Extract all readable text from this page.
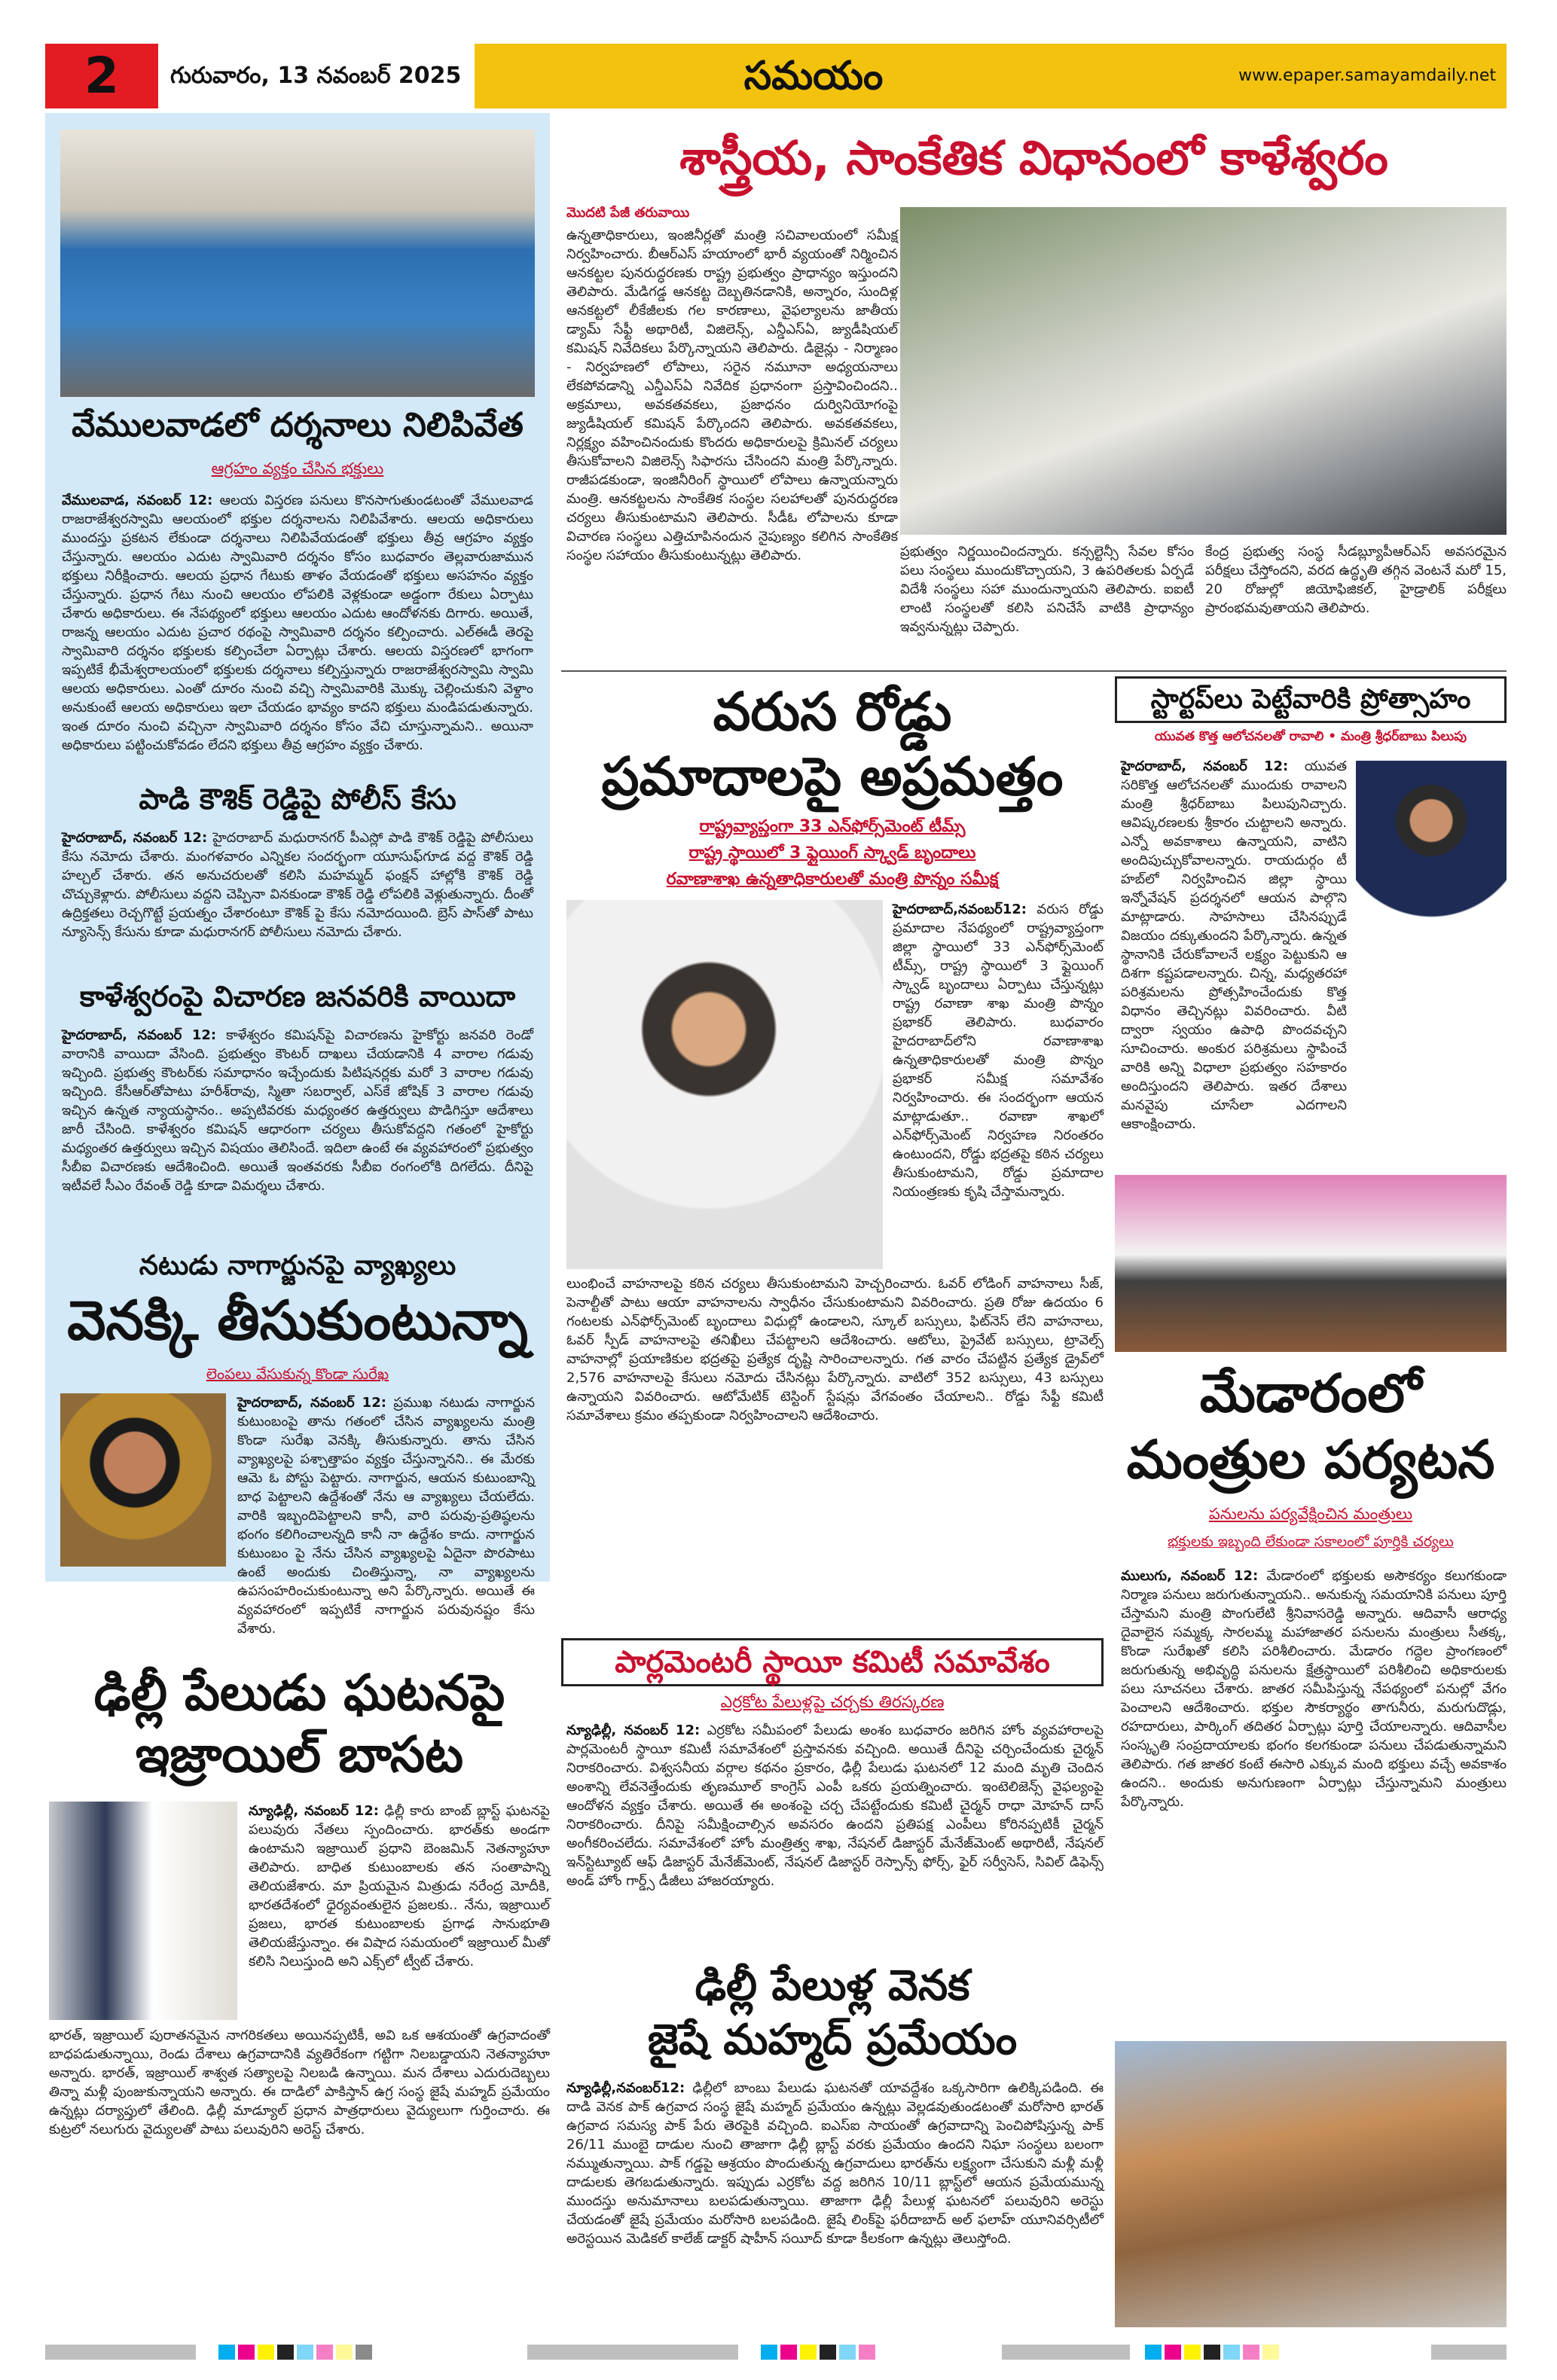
2	గురువారం, 13 నవంబర్ 2025	సమయం	www.epaper.samayamdaily.net
వేములవాడలో దర్శనాలు నిలిపివేత
ఆగ్రహం వ్యక్తం చేసిన భక్తులు
వేములవాడ, నవంబర్ 12: ఆలయ విస్తరణ పనులు కొనసాగుతుండటంతో వేములవాడ రాజరాజేశ్వరస్వామి ఆలయంలో భక్తుల దర్శనాలను నిలిపివేశారు. ఆలయ అధికారులు ముందస్తు ప్రకటన లేకుండా దర్శనాలు నిలిపివేయడంతో భక్తులు తీవ్ర ఆగ్రహం వ్యక్తం చేస్తున్నారు. ఆలయం ఎదుట స్వామివారి దర్శనం కోసం బుధవారం తెల్లవారుజామున భక్తులు నిరీక్షించారు. ఆలయ ప్రధాన గేటుకు తాళం వేయడంతో భక్తులు అసహనం వ్యక్తం చేస్తున్నారు. ప్రధాన గేటు నుంచి ఆలయం లోపలికి వెళ్లకుండా అడ్డంగా రేకులు ఏర్పాటు చేశారు అధికారులు. ఈ నేపథ్యంలో భక్తులు ఆలయం ఎదుట ఆందోళనకు దిగారు. అయితే, రాజన్న ఆలయం ఎదుట ప్రచార రథంపై స్వామివారి దర్శనం కల్పించారు. ఎల్ఈడీ తెరపై స్వామివారి దర్శనం భక్తులకు కల్పించేలా ఏర్పాట్లు చేశారు. ఆలయ విస్తరణలో భాగంగా ఇప్పటికే భీమేశ్వరాలయంలో భక్తులకు దర్శనాలు కల్పిస్తున్నారు రాజరాజేశ్వరస్వామి స్వామి ఆలయ అధికారులు. ఎంతో దూరం నుంచి వచ్చి స్వామివారికి మొక్కు చెల్లించుకుని వెళ్దాం అనుకుంటే ఆలయ అధికారులు ఇలా చేయడం భావ్యం కాదని భక్తులు మండిపడుతున్నారు. ఇంత దూరం నుంచి వచ్చినా స్వామివారి దర్శనం కోసం వేచి చూస్తున్నామని.. అయినా అధికారులు పట్టించుకోవడం లేదని భక్తులు తీవ్ర ఆగ్రహం వ్యక్తం చేశారు.
పాడి కౌశిక్ రెడ్డిపై పోలీస్ కేసు
హైదరాబాద్, నవంబర్ 12: హైదరాబాద్ మధురానగర్ పీఎస్లో పాడి కౌశిక్ రెడ్డిపై పోలీసులు కేసు నమోదు చేశారు. మంగళవారం ఎన్నికల సందర్భంగా యూసుఫ్‌గూడ వద్ద కౌశిక్ రెడ్డి హల్చల్ చేశారు. తన అనుచరులతో కలిసి మహమ్మద్ ఫంక్షన్ హాల్లోకి కౌశిక్ రెడ్డి చొచ్చుకెళ్లారు. పోలీసులు వద్దని చెప్పినా వినకుండా కౌశిక్ రెడ్డి లోపలికి వెళ్లుతున్నారు. దీంతో ఉద్రిక్తతలు రెచ్చగొట్టే ప్రయత్నం చేశారంటూ కౌశిక్ పై కేసు నమోదయింది. బ్రెస్ పాస్‌తో పాటు న్యూసెన్స్ కేసును కూడా మధురానగర్ పోలీసులు నమోదు చేశారు.
కాళేశ్వరంపై విచారణ జనవరికి వాయిదా
హైదరాబాద్, నవంబర్ 12: కాళేశ్వరం కమిషన్‌పై విచారణను హైకోర్టు జనవరి రెండో వారానికి వాయిదా వేసింది. ప్రభుత్వం కౌంటర్ దాఖలు చేయడానికి 4 వారాల గడువు ఇచ్చింది. ప్రభుత్వ కౌంటర్‌కు సమాధానం ఇచ్చేందుకు పిటిషనర్లకు మరో 3 వారాల గడువు ఇచ్చింది. కేసీఆర్‌తోపాటు హరీశ్‌రావు, స్మితా సబర్వాల్, ఎస్‌కే జోషిక్ 3 వారాల గడువు ఇచ్చిన ఉన్నత న్యాయస్థానం.. అప్పటివరకు మధ్యంతర ఉత్తర్వులు పొడిగిస్తూ ఆదేశాలు జారీ చేసింది. కాళేశ్వరం కమిషన్ ఆధారంగా చర్యలు తీసుకోవద్దని గతంలో హైకోర్టు మధ్యంతర ఉత్తర్వులు ఇచ్చిన విషయం తెలిసిందే. ఇదిలా ఉంటే ఈ వ్యవహారంలో ప్రభుత్వం సీబీఐ విచారణకు ఆదేశించింది. అయితే ఇంతవరకు సీబీఐ రంగంలోకి దిగలేదు. దీనిపై ఇటీవలే సీఎం రేవంత్ రెడ్డి కూడా విమర్శలు చేశారు.
నటుడు నాగార్జునపై వ్యాఖ్యలు
వెనక్కి తీసుకుంటున్నా
లెంపలు వేసుకున్న కొండా సురేఖ
హైదరాబాద్, నవంబర్ 12: ప్రముఖ నటుడు నాగార్జున కుటుంబంపై తాను గతంలో చేసిన వ్యాఖ్యలను మంత్రి కొండా సురేఖ వెనక్కి తీసుకున్నారు. తాను చేసిన వ్యాఖ్యలపై పశ్చాత్తాపం వ్యక్తం చేస్తున్నానని.. ఈ మేరకు ఆమె ఓ పోస్టు పెట్టారు. నాగార్జున, ఆయన కుటుంబాన్ని బాధ పెట్టాలని ఉద్దేశంతో నేను ఆ వ్యాఖ్యలు చేయలేదు. వారికి ఇబ్బందిపెట్టాలని కానీ, వారి పరువు-ప్రతిష్ఠలను భంగం కలిగించాలన్నది కానీ నా ఉద్దేశం కాదు. నాగార్జున కుటుంబం పై నేను చేసిన వ్యాఖ్యలపై ఏదైనా పొరపాటు ఉంటే అందుకు చింతిస్తున్నా, నా వ్యాఖ్యలను ఉపసంహరించుకుంటున్నా అని పేర్కొన్నారు. అయితే ఈ వ్యవహారంలో ఇప్పటికే నాగార్జున పరువునష్టం కేసు వేశారు.
ఢిల్లీ పేలుడు ఘటనపై
ఇజ్రాయిల్ బాసట
న్యూఢిల్లీ, నవంబర్ 12: ఢిల్లీ కారు బాంబ్ బ్లాస్ట్ ఘటనపై పలువురు నేతలు స్పందించారు. భారత్‌కు అండగా ఉంటామని ఇజ్రాయిల్ ప్రధాని బెంజమిన్ నెతన్యాహూ తెలిపారు. బాధిత కుటుంబాలకు తన సంతాపాన్ని తెలియజేశారు. మా ప్రియమైన మిత్రుడు నరేంద్ర మోదీకి, భారతదేశంలో ధైర్యవంతులైన ప్రజలకు.. నేను, ఇజ్రాయిల్ ప్రజలు, భారత కుటుంబాలకు ప్రగాఢ సానుభూతి తెలియజేస్తున్నాం. ఈ విషాద సమయంలో ఇజ్రాయిల్ మీతో కలిసి నిలుస్తుంది అని ఎక్స్‌లో ట్వీట్ చేశారు.
భారత్, ఇజ్రాయిల్ పురాతనమైన నాగరికతలు అయినప్పటికీ, అవి ఒక ఆశయంతో ఉగ్రవాదంతో బాధపడుతున్నాయి, రెండు దేశాలు ఉగ్రవాదానికి వ్యతిరేకంగా గట్టిగా నిలబడ్డాయని నెతన్యాహూ అన్నారు. భారత్, ఇజ్రాయిల్ శాశ్వత సత్యాలపై నిలబడి ఉన్నాయి. మన దేశాలు ఎదురుదెబ్బలు తిన్నా మళ్లీ పుంజుకున్నాయని అన్నారు. ఈ దాడిలో పాకిస్తాన్ ఉగ్ర సంస్థ జైషే మహ్మద్ ప్రమేయం ఉన్నట్లు దర్యాప్తులో తేలింది. ఢిల్లీ మాడ్యూల్ ప్రధాన పాత్రధారులు వైద్యులుగా గుర్తించారు. ఈ కుట్రలో నలుగురు వైద్యులతో పాటు పలువురిని అరెస్ట్ చేశారు.
శాస్త్రీయ, సాంకేతిక విధానంలో కాళేశ్వరం
మొదటి పేజీ తరువాయి
ఉన్నతాధికారులు, ఇంజినీర్లతో మంత్రి సచివాలయంలో సమీక్ష నిర్వహించారు. బీఆర్ఎస్ హయాంలో భారీ వ్యయంతో నిర్మించిన ఆనకట్టల పునరుద్ధరణకు రాష్ట్ర ప్రభుత్వం ప్రాధాన్యం ఇస్తుందని తెలిపారు. మేడిగడ్డ ఆనకట్ట దెబ్బతినడానికి, అన్నారం, సుందిళ్ల ఆనకట్టలో లీకేజీలకు గల కారణాలు, వైఫల్యాలను జాతీయ డ్యామ్ సేఫ్టీ అథారిటీ, విజిలెన్స్, ఎన్డీఎస్ఏ, జ్యుడీషియల్ కమిషన్ నివేదికలు పేర్కొన్నాయని తెలిపారు. డిజైన్లు - నిర్మాణం - నిర్వహణలో లోపాలు, సరైన నమూనా అధ్యయనాలు లేకపోవడాన్ని ఎన్డీఎస్ఏ నివేదిక ప్రధానంగా ప్రస్తావించిందని.. అక్రమాలు, అవకతవకలు, ప్రజాధనం దుర్వినియోగంపై జ్యుడీషియల్ కమిషన్ పేర్కొందని తెలిపారు. అవకతవకలు, నిర్లక్ష్యం వహించినందుకు కొందరు అధికారులపై క్రిమినల్ చర్యలు తీసుకోవాలని విజిలెన్స్ సిఫారసు చేసిందని మంత్రి పేర్కొన్నారు. రాజీపడకుండా, ఇంజినీరింగ్ స్థాయిలో లోపాలు ఉన్నాయన్నారు మంత్రి. ఆనకట్టలను సాంకేతిక సంస్థల సలహాలతో పునరుద్ధరణ చర్యలు తీసుకుంటామని తెలిపారు. సీడీఓ లోపాలను కూడా విచారణ సంస్థలు ఎత్తిచూపినందున నైపుణ్యం కలిగిన సాంకేతిక సంస్థల సహాయం తీసుకుంటున్నట్లు తెలిపారు.	ప్రభుత్వం నిర్ణయించిందన్నారు. కన్సల్టెన్సీ సేవల కోసం పలు సంస్థలు ముందుకొచ్చాయని, 3 ఉపరితలకు ఏర్పడే విదేశీ సంస్థలు సహా ముందున్నాయని తెలిపారు. ఐఐటీ లాంటి సంస్థలతో కలిసి పనిచేసే వాటికి ప్రాధాన్యం ఇవ్వనున్నట్లు చెప్పారు.
కేంద్ర ప్రభుత్వ సంస్థ సీడబ్ల్యూపీఆర్ఎస్ అవసరమైన పరీక్షలు చేస్తోందని, వరద ఉద్ధృతి తగ్గిన వెంటనే మరో 15, 20 రోజుల్లో జియోఫిజికల్, హైడ్రాలిక్ పరీక్షలు ప్రారంభమవుతాయని తెలిపారు.
వరుస రోడ్డు
ప్రమాదాలపై అప్రమత్తం
రాష్ట్రవ్యాప్తంగా 33 ఎన్‌ఫోర్స్‌మెంట్ టీమ్స్
రాష్ట్ర స్థాయిలో 3 ఫ్లైయింగ్ స్క్వాడ్ బృందాలు
రవాణాశాఖ ఉన్నతాధికారులతో మంత్రి పొన్నం సమీక్ష
హైదరాబాద్,నవంబర్12: వరుస రోడ్డు ప్రమాదాల నేపథ్యంలో రాష్ట్రవ్యాప్తంగా జిల్లా స్థాయిలో 33 ఎన్‌ఫోర్స్‌మెంట్ టీమ్స్, రాష్ట్ర స్థాయిలో 3 ఫ్లైయింగ్ స్క్వాడ్ బృందాలు ఏర్పాటు చేస్తున్నట్లు రాష్ట్ర రవాణా శాఖ మంత్రి పొన్నం ప్రభాకర్ తెలిపారు. బుధవారం హైదరాబాద్‌లోని రవాణాశాఖ ఉన్నతాధికారులతో మంత్రి పొన్నం ప్రభాకర్ సమీక్ష సమావేశం నిర్వహించారు. ఈ సందర్భంగా ఆయన మాట్లాడుతూ.. రవాణా శాఖలో ఎన్‌ఫోర్స్‌మెంట్ నిర్వహణ నిరంతరం ఉంటుందని, రోడ్డు భద్రతపై కఠిన చర్యలు తీసుకుంటామని, రోడ్డు ప్రమాదాల నియంత్రణకు కృషి చేస్తామన్నారు.
లుంభించే వాహనాలపై కఠిన చర్యలు తీసుకుంటామని హెచ్చరించారు. ఓవర్ లోడింగ్ వాహనాలు సీజ్, పెనాల్టీతో పాటు ఆయా వాహనాలను స్వాధీనం చేసుకుంటామని వివరించారు. ప్రతి రోజు ఉదయం 6 గంటలకు ఎన్‌ఫోర్స్‌మెంట్ బృందాలు విధుల్లో ఉండాలని, స్కూల్ బస్సులు, ఫిట్‌నెస్ లేని వాహనాలు, ఓవర్ స్పీడ్ వాహనాలపై తనిఖీలు చేపట్టాలని ఆదేశించారు. ఆటోలు, ప్రైవేట్ బస్సులు, ట్రావెల్స్ వాహనాల్లో ప్రయాణికుల భద్రతపై ప్రత్యేక దృష్టి సారించాలన్నారు. గత వారం చేపట్టిన ప్రత్యేక డ్రైవ్‌లో 2,576 వాహనాలపై కేసులు నమోదు చేసినట్లు పేర్కొన్నారు. వాటిలో 352 బస్సులు, 43 బస్సులు ఉన్నాయని వివరించారు. ఆటోమేటిక్ టెస్టింగ్ స్టేషన్లు వేగవంతం చేయాలని.. రోడ్డు సేఫ్టీ కమిటీ సమావేశాలు క్రమం తప్పకుండా నిర్వహించాలని ఆదేశించారు.
పార్లమెంటరీ స్థాయీ కమిటీ సమావేశం
ఎర్రకోట పేలుళ్లపై చర్చకు తిరస్కరణ
న్యూఢిల్లీ, నవంబర్ 12: ఎర్రకోట సమీపంలో పేలుడు అంశం బుధవారం జరిగిన హోం వ్యవహారాలపై పార్లమెంటరీ స్థాయీ కమిటీ సమావేశంలో ప్రస్తావనకు వచ్చింది. అయితే దీనిపై చర్చించేందుకు చైర్మన్ నిరాకరించారు. విశ్వసనీయ వర్గాల కథనం ప్రకారం, ఢిల్లీ పేలుడు ఘటనలో 12 మంది మృతి చెందిన అంశాన్ని లేవనెత్తేందుకు తృణమూల్ కాంగ్రెస్ ఎంపీ ఒకరు ప్రయత్నించారు. ఇంటెలిజెన్స్ వైఫల్యంపై ఆందోళన వ్యక్తం చేశారు. అయితే ఈ అంశంపై చర్చ చేపట్టేందుకు కమిటీ చైర్మన్ రాధా మోహన్ దాస్ నిరాకరించారు. దీనిపై సమీక్షించాల్సిన అవసరం ఉందని ప్రతిపక్ష ఎంపీలు కోరినప్పటికీ చైర్మన్ అంగీకరించలేదు. సమావేశంలో హోం మంత్రిత్వ శాఖ, నేషనల్ డిజాస్టర్ మేనేజ్‌మెంట్ అథారిటీ, నేషనల్ ఇన్‌స్టిట్యూట్ ఆఫ్ డిజాస్టర్ మేనేజ్‌మెంట్, నేషనల్ డిజాస్టర్ రెస్పాన్స్ ఫోర్స్, ఫైర్ సర్వీసెస్, సివిల్ డిఫెన్స్ అండ్ హోం గార్డ్స్ డీజీలు హాజరయ్యారు.
ఢిల్లీ పేలుళ్ల వెనక
జైషే మహ్మద్ ప్రమేయం
న్యూఢిల్లీ,నవంబర్12: ఢిల్లీలో బాంబు పేలుడు ఘటనతో యావద్దేశం ఒక్కసారిగా ఉలిక్కిపడింది. ఈ దాడి వెనక పాక్ ఉగ్రవాద సంస్థ జైషే మహ్మద్ ప్రమేయం ఉన్నట్లు వెల్లడవుతుండటంతో మరోసారి భారత్ ఉగ్రవాద సమస్య పాక్ పేరు తెరపైకి వచ్చింది. ఐఎస్ఐ సాయంతో ఉగ్రవాదాన్ని పెంచిపోషిస్తున్న పాక్ 26/11 ముంబై దాడుల నుంచి తాజాగా ఢిల్లీ బ్లాస్ట్ వరకు ప్రమేయం ఉందని నిఘా సంస్థలు బలంగా నమ్ముతున్నాయి. పాక్ గడ్డపై ఆశ్రయం పొందుతున్న ఉగ్రవాదులు భారత్‌ను లక్ష్యంగా చేసుకుని మళ్లీ మళ్లీ దాడులకు తెగబడుతున్నారు. ఇప్పుడు ఎర్రకోట వద్ద జరిగిన 10/11 బ్లాస్ట్‌లో ఆయన ప్రమేయమున్న ముందస్తు అనుమానాలు బలపడుతున్నాయి. తాజాగా ఢిల్లీ పేలుళ్ల ఘటనలో పలువురిని అరెస్టు చేయడంతో జైషే ప్రమేయం మరోసారి బలపడింది. జైషే లింక్‌పై ఫరీదాబాద్ అల్ ఫలాహ్ యూనివర్సిటీలో అరెస్టయిన మెడికల్ కాలేజ్ డాక్టర్ షాహీన్ సయీద్ కూడా కీలకంగా ఉన్నట్లు తెలుస్తోంది.
స్టార్టప్‌లు పెట్టేవారికి ప్రోత్సాహం
యువత కొత్త ఆలోచనలతో రావాలి • మంత్రి శ్రీధర్‌బాబు పిలుపు
హైదరాబాద్, నవంబర్ 12: యువత సరికొత్త ఆలోచనలతో ముందుకు రావాలని మంత్రి శ్రీధర్‌బాబు పిలుపునిచ్చారు. ఆవిష్కరణలకు శ్రీకారం చుట్టాలని అన్నారు. ఎన్నో అవకాశాలు ఉన్నాయని, వాటిని అందిపుచ్చుకోవాలన్నారు. రాయదుర్గం టీ హబ్‌లో నిర్వహించిన జిల్లా స్థాయి ఇన్నోవేషన్ ప్రదర్శనలో ఆయన పాల్గొని మాట్లాడారు. సాహసాలు చేసినప్పుడే విజయం దక్కుతుందని పేర్కొన్నారు. ఉన్నత స్థానానికి చేరుకోవాలనే లక్ష్యం పెట్టుకుని ఆ దిశగా కష్టపడాలన్నారు. చిన్న, మధ్యతరహా పరిశ్రమలను ప్రోత్సహించేందుకు కొత్త విధానం తెచ్చినట్లు వివరించారు. వీటి ద్వారా స్వయం ఉపాధి పొందవచ్చని సూచించారు. అంకుర పరిశ్రమలు స్థాపించే వారికి అన్ని విధాలా ప్రభుత్వం సహకారం అందిస్తుందని తెలిపారు. ఇతర దేశాలు మనవైపు చూసేలా ఎదగాలని ఆకాంక్షించారు.
మేడారంలో
మంత్రుల పర్యటన
పనులను పర్యవేక్షించిన మంత్రులు
భక్తులకు ఇబ్బంది లేకుండా సకాలంలో పూర్తికి చర్యలు
ములుగు, నవంబర్ 12: మేడారంలో భక్తులకు అసౌకర్యం కలుగకుండా నిర్మాణ పనులు జరుగుతున్నాయని.. అనుకున్న సమయానికి పనులు పూర్తి చేస్తామని మంత్రి పొంగులేటి శ్రీనివాసరెడ్డి అన్నారు. ఆదివాసీ ఆరాధ్య దైవాలైన సమ్మక్క సారలమ్మ మహాజాతర పనులను మంత్రులు సీతక్క, కొండా సురేఖతో కలిసి పరిశీలించారు. మేడారం గద్దెల ప్రాంగణంలో జరుగుతున్న అభివృద్ధి పనులను క్షేత్రస్థాయిలో పరిశీలించి అధికారులకు పలు సూచనలు చేశారు. జాతర సమీపిస్తున్న నేపథ్యంలో పనుల్లో వేగం పెంచాలని ఆదేశించారు. భక్తుల సౌకర్యార్థం తాగునీరు, మరుగుదొడ్లు, రహదారులు, పార్కింగ్ తదితర ఏర్పాట్లు పూర్తి చేయాలన్నారు. ఆదివాసీల సంస్కృతి సంప్రదాయాలకు భంగం కలగకుండా పనులు చేపడుతున్నామని తెలిపారు. గత జాతర కంటే ఈసారి ఎక్కువ మంది భక్తులు వచ్చే అవకాశం ఉందని.. అందుకు అనుగుణంగా ఏర్పాట్లు చేస్తున్నామని మంత్రులు పేర్కొన్నారు.
